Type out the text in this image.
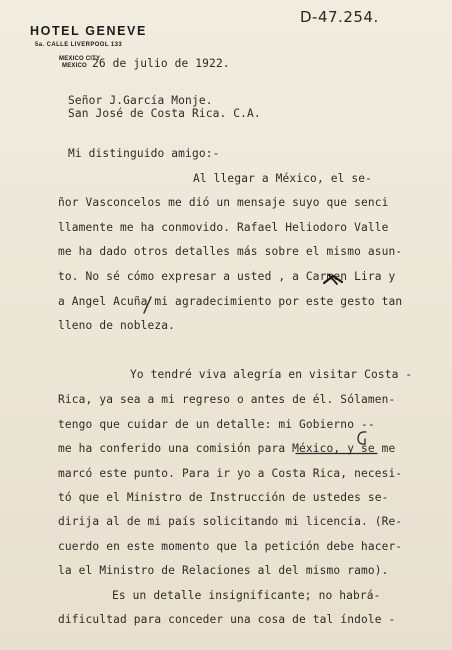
HOTEL GENEVE
5a. CALLE LIVERPOOL 133
MEXICO CITY
MEXICO
D-47.254.
26 de julio de 1922.
Señor J.García Monje.
San José de Costa Rica. C.A.
Mi distinguido amigo:-
Al llegar a México, el se-
ñor Vasconcelos me dió un mensaje suyo que senci
llamente me ha conmovido. Rafael Heliodoro Valle
me ha dado otros detalles más sobre el mismo asun-
to. No sé cómo expresar a usted , a Carmen Lira y
a Angel Acuña mi agradecimiento por este gesto tan
lleno de nobleza.
Yo tendré viva alegría en visitar Costa -
Rica, ya sea a mi regreso o antes de él. Sólamen-
tengo que cuidar de un detalle: mi Gobierno --
me ha conferido una comisión para México, y se me
marcó este punto. Para ir yo a Costa Rica, necesi-
tó que el Ministro de Instrucción de ustedes se-
dirija al de mi país solicitando mi licencia. (Re-
cuerdo en este momento que la petición debe hacer-
la el Ministro de Relaciones al del mismo ramo).
Es un detalle insignificante; no habrá-
dificultad para conceder una cosa de tal índole -
